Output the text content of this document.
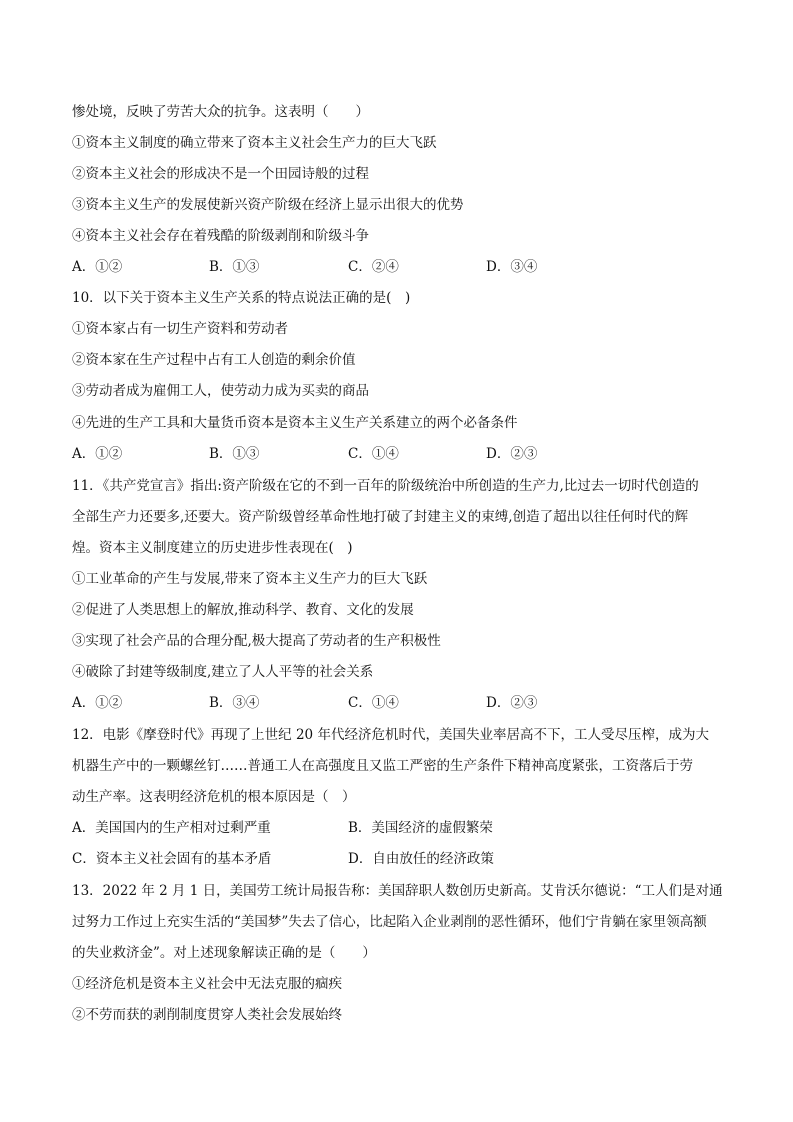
惨处境，反映了劳苦大众的抗争。这表明（　　）
①资本主义制度的确立带来了资本主义社会生产力的巨大飞跃
②资本主义社会的形成决不是一个田园诗般的过程
③资本主义生产的发展使新兴资产阶级在经济上显示出很大的优势
④资本主义社会存在着残酷的阶级剥削和阶级斗争
A．①②	B．①③	C．②④	D．③④
10．以下关于资本主义生产关系的特点说法正确的是(　)
①资本家占有一切生产资料和劳动者
②资本家在生产过程中占有工人创造的剩余价值
③劳动者成为雇佣工人，使劳动力成为买卖的商品
④先进的生产工具和大量货币资本是资本主义生产关系建立的两个必备条件
A．①②	B．①③	C．①④	D．②③
11．《共产党宣言》指出:资产阶级在它的不到一百年的阶级统治中所创造的生产力,比过去一切时代创造的
全部生产力还要多,还要大。资产阶级曾经革命性地打破了封建主义的束缚,创造了超出以往任何时代的辉
煌。资本主义制度建立的历史进步性表现在(　)
①工业革命的产生与发展,带来了资本主义生产力的巨大飞跃
②促进了人类思想上的解放,推动科学、教育、文化的发展
③实现了社会产品的合理分配,极大提高了劳动者的生产积极性
④破除了封建等级制度,建立了人人平等的社会关系
A．①②	B．③④	C．①④	D．②③
12．电影《摩登时代》再现了上世纪 20 年代经济危机时代，美国失业率居高不下，工人受尽压榨，成为大
机器生产中的一颗螺丝钉……普通工人在高强度且又监工严密的生产条件下精神高度紧张，工资落后于劳
动生产率。这表明经济危机的根本原因是（　）
A．美国国内的生产相对过剩严重	B．美国经济的虚假繁荣
C．资本主义社会固有的基本矛盾	D．自由放任的经济政策
13．2022 年 2 月 1 日，美国劳工统计局报告称：美国辞职人数创历史新高。艾肯沃尔德说：“工人们是对通
过努力工作过上充实生活的“美国梦”失去了信心，比起陷入企业剥削的恶性循环，他们宁肯躺在家里领高额
的失业救济金”。对上述现象解读正确的是（　　）
①经济危机是资本主义社会中无法克服的痼疾
②不劳而获的剥削制度贯穿人类社会发展始终
